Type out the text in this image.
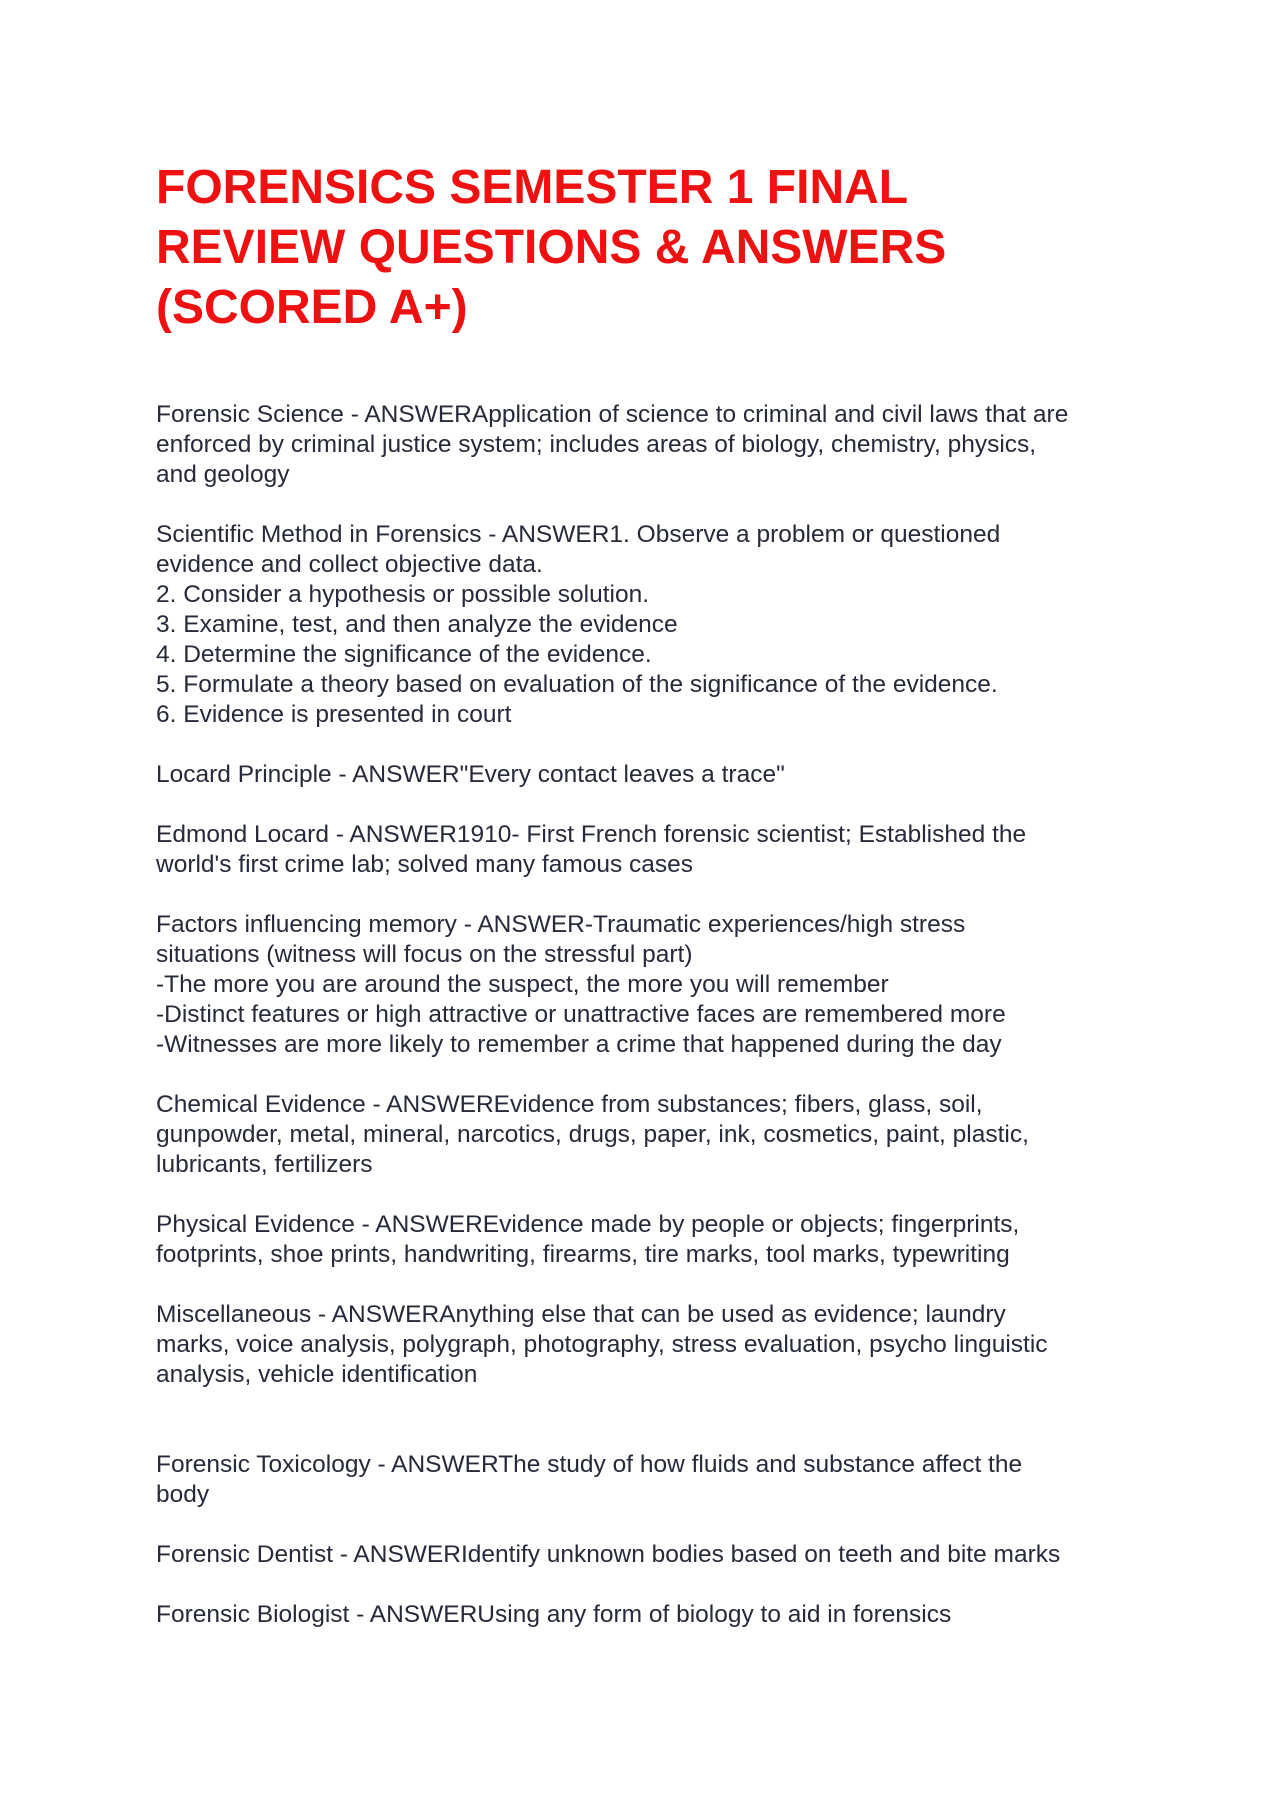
FORENSICS SEMESTER 1 FINAL
REVIEW QUESTIONS & ANSWERS
(SCORED A+)

Forensic Science - ANSWERApplication of science to criminal and civil laws that are
enforced by criminal justice system; includes areas of biology, chemistry, physics,
and geology

Scientific Method in Forensics - ANSWER1. Observe a problem or questioned
evidence and collect objective data.
2. Consider a hypothesis or possible solution.
3. Examine, test, and then analyze the evidence
4. Determine the significance of the evidence.
5. Formulate a theory based on evaluation of the significance of the evidence.
6. Evidence is presented in court

Locard Principle - ANSWER"Every contact leaves a trace"

Edmond Locard - ANSWER1910- First French forensic scientist; Established the
world's first crime lab; solved many famous cases

Factors influencing memory - ANSWER-Traumatic experiences/high stress
situations (witness will focus on the stressful part)
-The more you are around the suspect, the more you will remember
-Distinct features or high attractive or unattractive faces are remembered more
-Witnesses are more likely to remember a crime that happened during the day

Chemical Evidence - ANSWEREvidence from substances; fibers, glass, soil,
gunpowder, metal, mineral, narcotics, drugs, paper, ink, cosmetics, paint, plastic,
lubricants, fertilizers

Physical Evidence - ANSWEREvidence made by people or objects; fingerprints,
footprints, shoe prints, handwriting, firearms, tire marks, tool marks, typewriting

Miscellaneous - ANSWERAnything else that can be used as evidence; laundry
marks, voice analysis, polygraph, photography, stress evaluation, psycho linguistic
analysis, vehicle identification

Forensic Toxicology - ANSWERThe study of how fluids and substance affect the
body

Forensic Dentist - ANSWERIdentify unknown bodies based on teeth and bite marks

Forensic Biologist - ANSWERUsing any form of biology to aid in forensics
